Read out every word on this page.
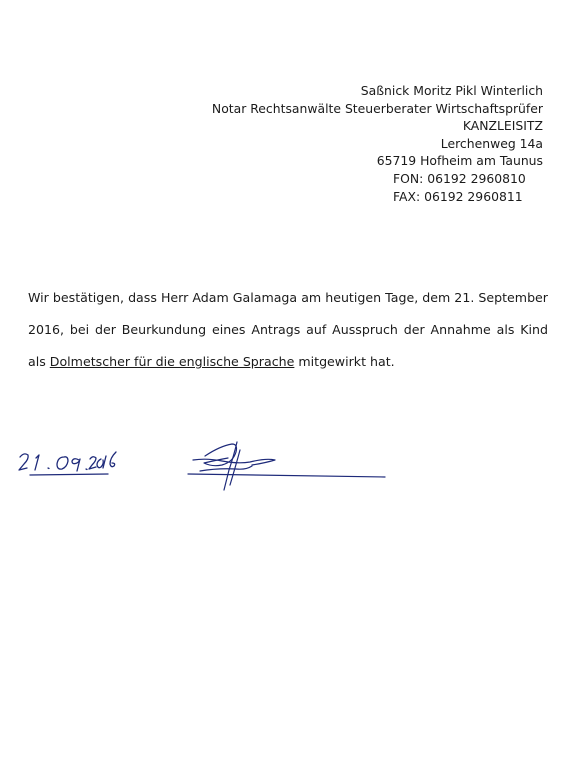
Saßnick Moritz Pikl Winterlich
Notar Rechtsanwälte Steuerberater Wirtschaftsprüfer
KANZLEISITZ
Lerchenweg 14a
65719 Hofheim am Taunus
FON: 06192 2960810
FAX: 06192 2960811
Wir bestätigen, dass Herr Adam Galamaga am heutigen Tage, dem 21. September 2016, bei der Beurkundung eines Antrags auf Ausspruch der Annahme als Kind als Dolmetscher für die englische Sprache mitgewirkt hat.
